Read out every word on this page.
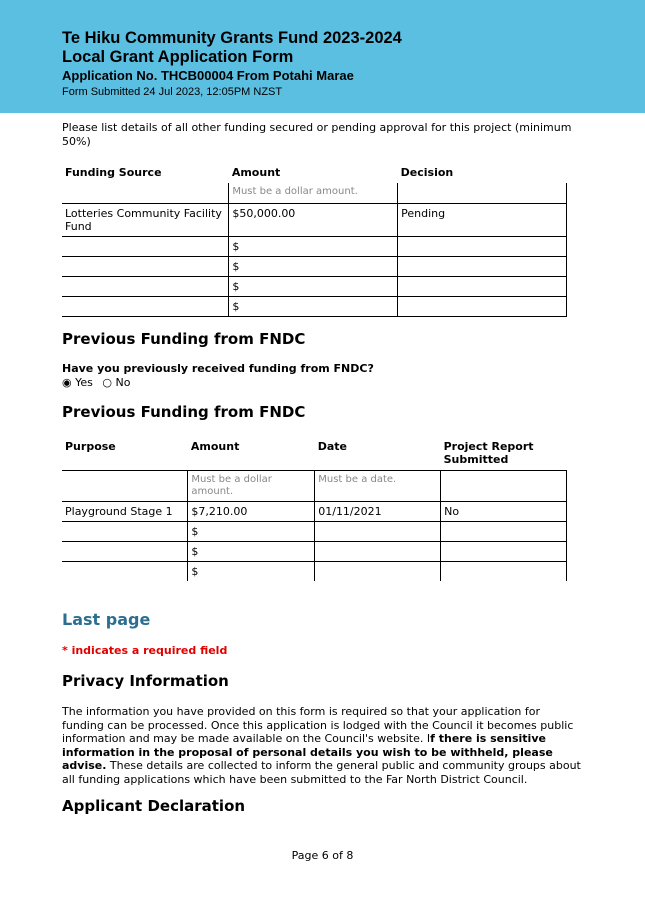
Te Hiku Community Grants Fund 2023-2024
Local Grant Application Form
Application No. THCB00004 From Potahi Marae
Form Submitted 24 Jul 2023, 12:05PM NZST
Please list details of all other funding secured or pending approval for this project (minimum 50%)
Funding Source	Amount	Decision
	Must be a dollar amount.	
Lotteries Community Facility Fund	$50,000.00	Pending
	$	
	$	
	$	
	$	
Previous Funding from FNDC
Have you previously received funding from FNDC?
◉ Yes ○ No
Previous Funding from FNDC
Purpose	Amount	Date	Project Report Submitted
	Must be a dollar amount.	Must be a date.	
Playground Stage 1	$7,210.00	01/11/2021	No
	$		
	$		
	$		
Last page
* indicates a required field
Privacy Information
The information you have provided on this form is required so that your application for funding can be processed. Once this application is lodged with the Council it becomes public information and may be made available on the Council's website. If there is sensitive information in the proposal of personal details you wish to be withheld, please advise. These details are collected to inform the general public and community groups about all funding applications which have been submitted to the Far North District Council.
Applicant Declaration
Page 6 of 8
